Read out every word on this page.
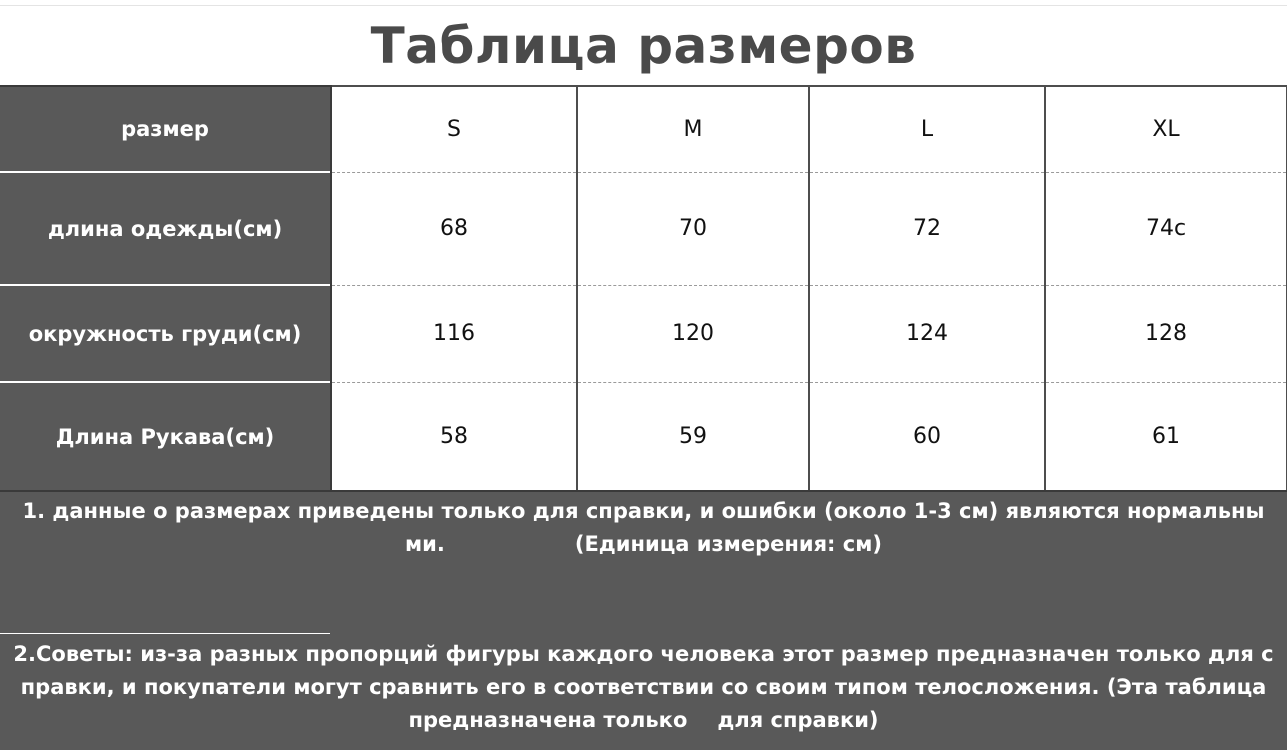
Таблица размеров
размер	S	M	L	XL
длина одежды(см)	68	70	72	74с
окружность груди(см)	116	120	124	128
Длина Рукава(см)	58	59	60	61
1. данные о размерах приведены только для справки, и ошибки (около 1-3 см) являются нормальны
ми.	(Единица измерения: см)
2.Советы: из-за разных пропорций фигуры каждого человека этот размер предназначен только для с
правки, и покупатели могут сравнить его в соответствии со своим типом телосложения. (Эта таблица
предназначена только для справки)
